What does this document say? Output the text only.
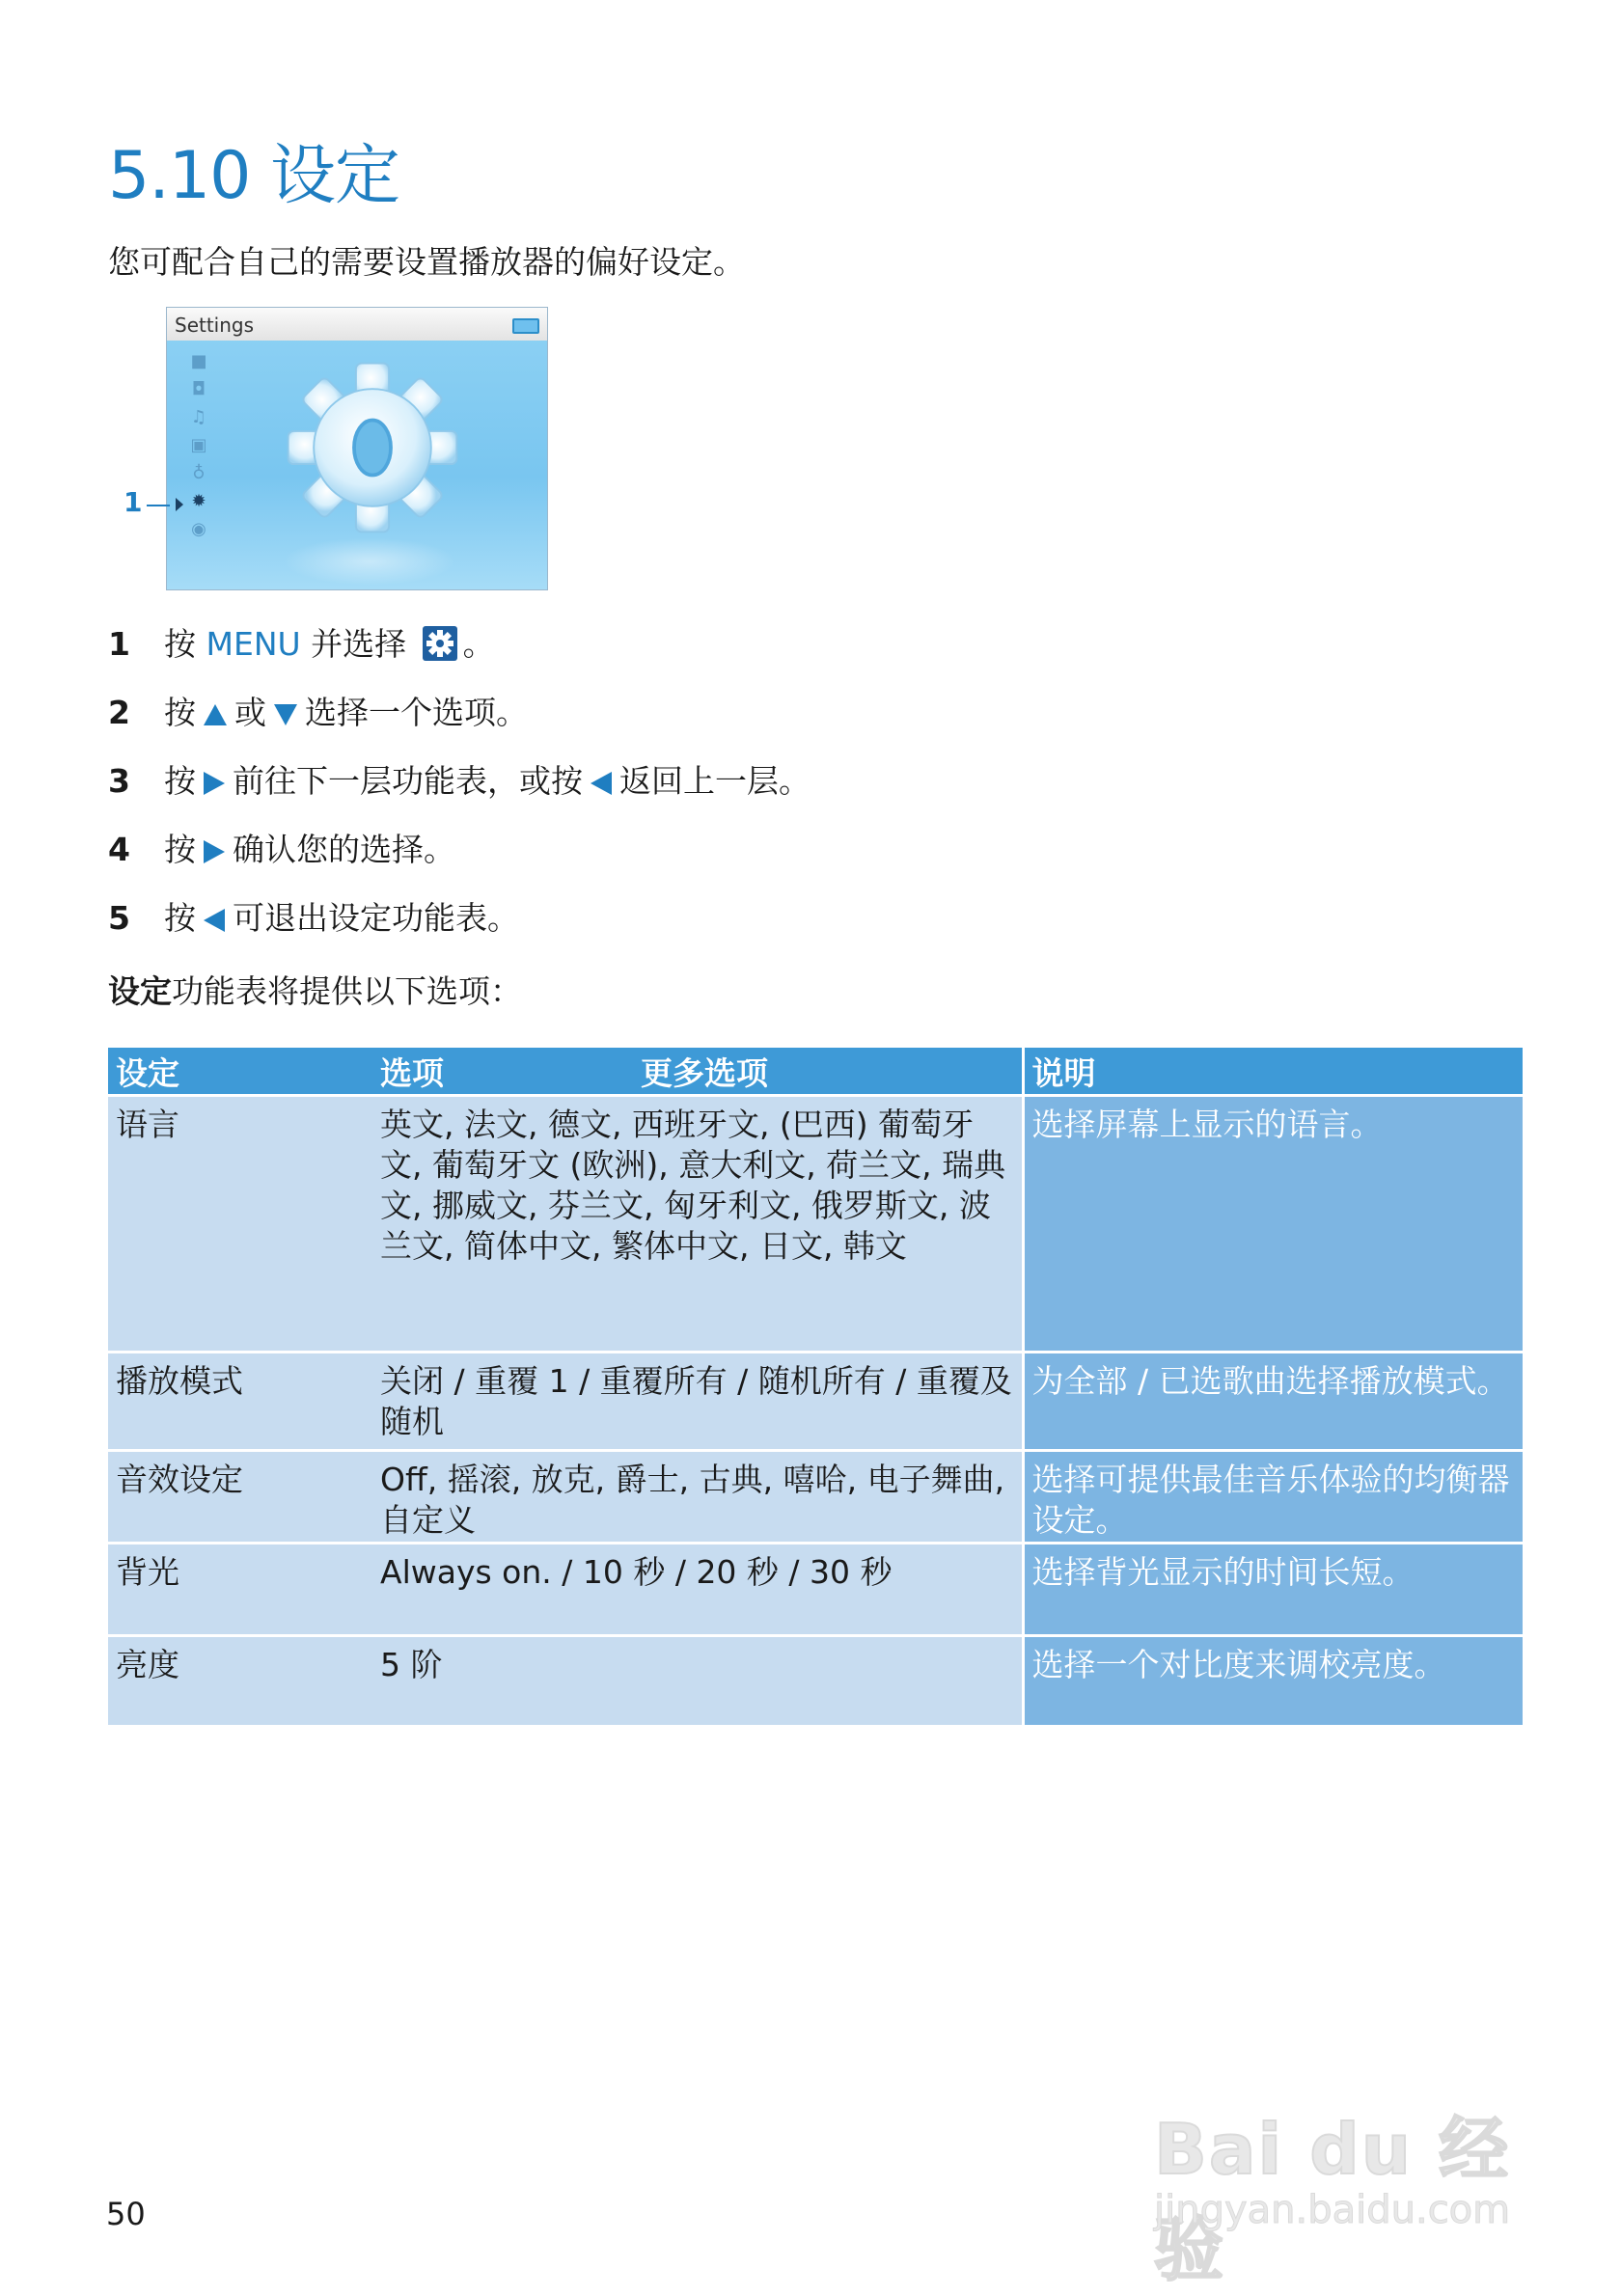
5.10 设定
您可配合自己的需要设置播放器的偏好设定。
Settings
■
◘
♫
▣
♁
✹
◉
1
1 按 MENU 并选择 。
2 按 或 选择一个选项。
3 按 前往下一层功能表，或按 返回上一层。
4 按 确认您的选择。
5 按 可退出设定功能表。
设定功能表将提供以下选项：
设定	选项 更多选项	说明
语言	英文, 法文, 德文, 西班牙文, (巴西) 葡萄牙文, 葡萄牙文 (欧洲), 意大利文, 荷兰文, 瑞典文, 挪威文, 芬兰文, 匈牙利文, 俄罗斯文, 波兰文, 简体中文, 繁体中文, 日文, 韩文	选择屏幕上显示的语言。
播放模式	关闭 / 重覆 1 / 重覆所有 / 随机所有 / 重覆及随机	为全部 / 已选歌曲选择播放模式。
音效设定	Off, 摇滚, 放克, 爵士, 古典, 嘻哈, 电子舞曲, 自定义	选择可提供最佳音乐体验的均衡器设定。
背光	Always on. / 10 秒 / 20 秒 / 30 秒	选择背光显示的时间长短。
亮度	5 阶	选择一个对比度来调校亮度。
50
Bai du 经验
jingyan.baidu.com
